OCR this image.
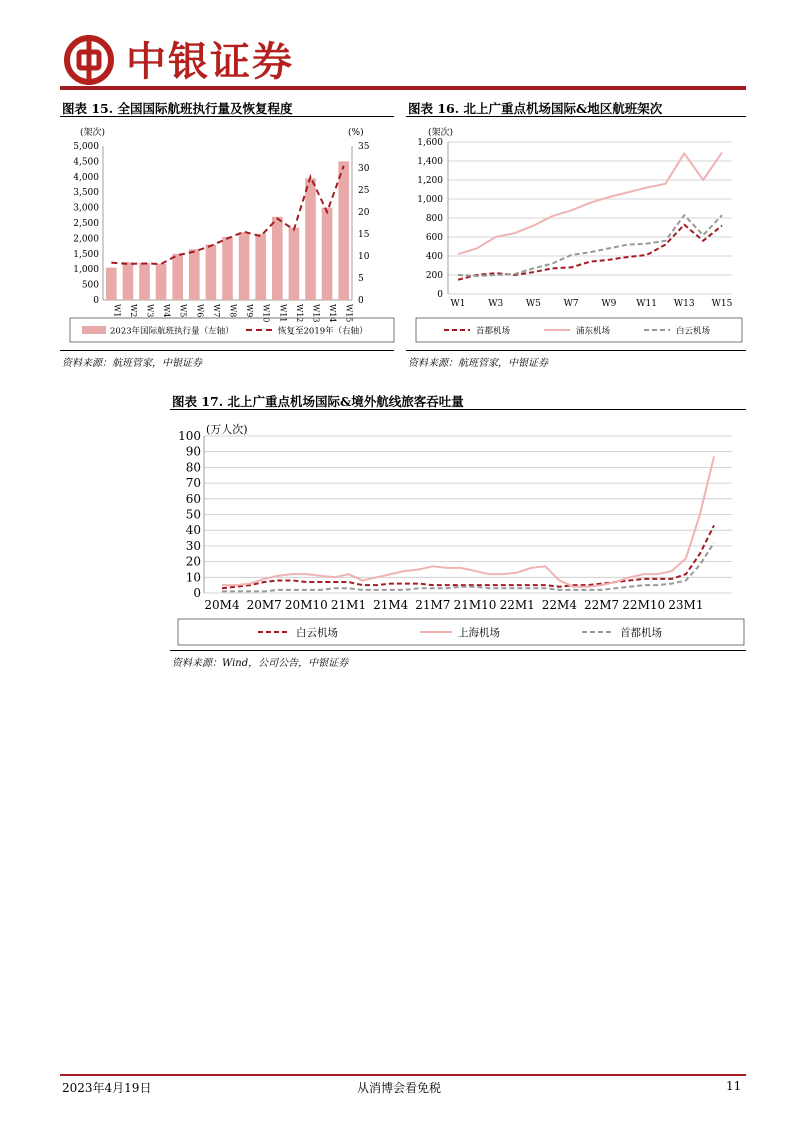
中银证券
图表 15. 全国国际航班执行量及恢复程度
(架次)	(%)
0
500
1,000
1,500
2,000
2,500
3,000
3,500
4,000
4,500
5,000
0
5
10
15
20
25
30
35
W1 W2 W3 W4 W5 W6 W7 W8 W9 W10 W11 W12 W13 W14 W15
2023年国际航班执行量（左轴）	恢复至2019年（右轴）
资料来源：航班管家，中银证券
图表 16. 北上广重点机场国际&地区航班架次
(架次)
0
200
400
600
800
1,000
1,200
1,400
1,600
W1	W3	W5	W7	W9 W11 W13 W15
首都机场	浦东机场	白云机场
资料来源：航班管家，中银证券
图表 17. 北上广重点机场国际&境外航线旅客吞吐量
(万人次)
0
10
20
30
40
50
60
70
80
90
100
20M4 20M7 20M10 21M1 21M4 21M7 21M10 22M1 22M4 22M7 22M10 23M1
白云机场	上海机场	首都机场
资料来源：Wind，公司公告，中银证券
2023年4月19日	从消博会看免税	11
